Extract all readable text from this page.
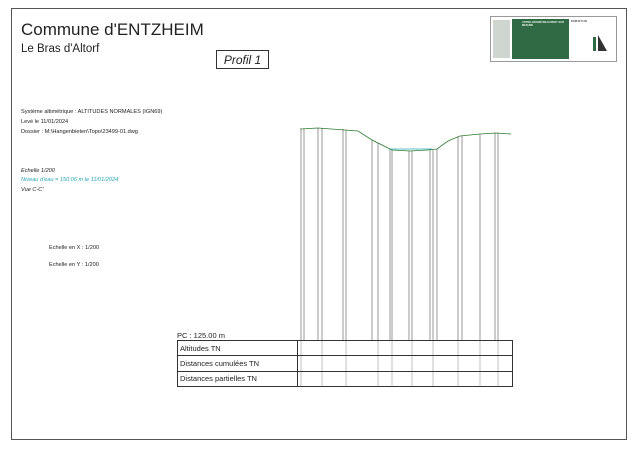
Commune d'ENTZHEIM
Le Bras d'Altorf
Profil 1
VOTRE GÉOMÈTRE-EXPERT SUR MESURE
03 88 60 71 66
Système altimétrique : ALTITUDES NORMALES (IGN69)
Levé le 11/01/2024
Dossier : M:\Hangenbieten\Topo\23499-01.dwg
Echelle 1/200
Niveau d'eau = 150.06 m le 11/01/2024
Vue C-C'
Echelle en X : 1/200
Echelle en Y : 1/200
PC : 125.00 m
Altitudes TN	
Distances cumulées TN	
Distances partielles TN	
